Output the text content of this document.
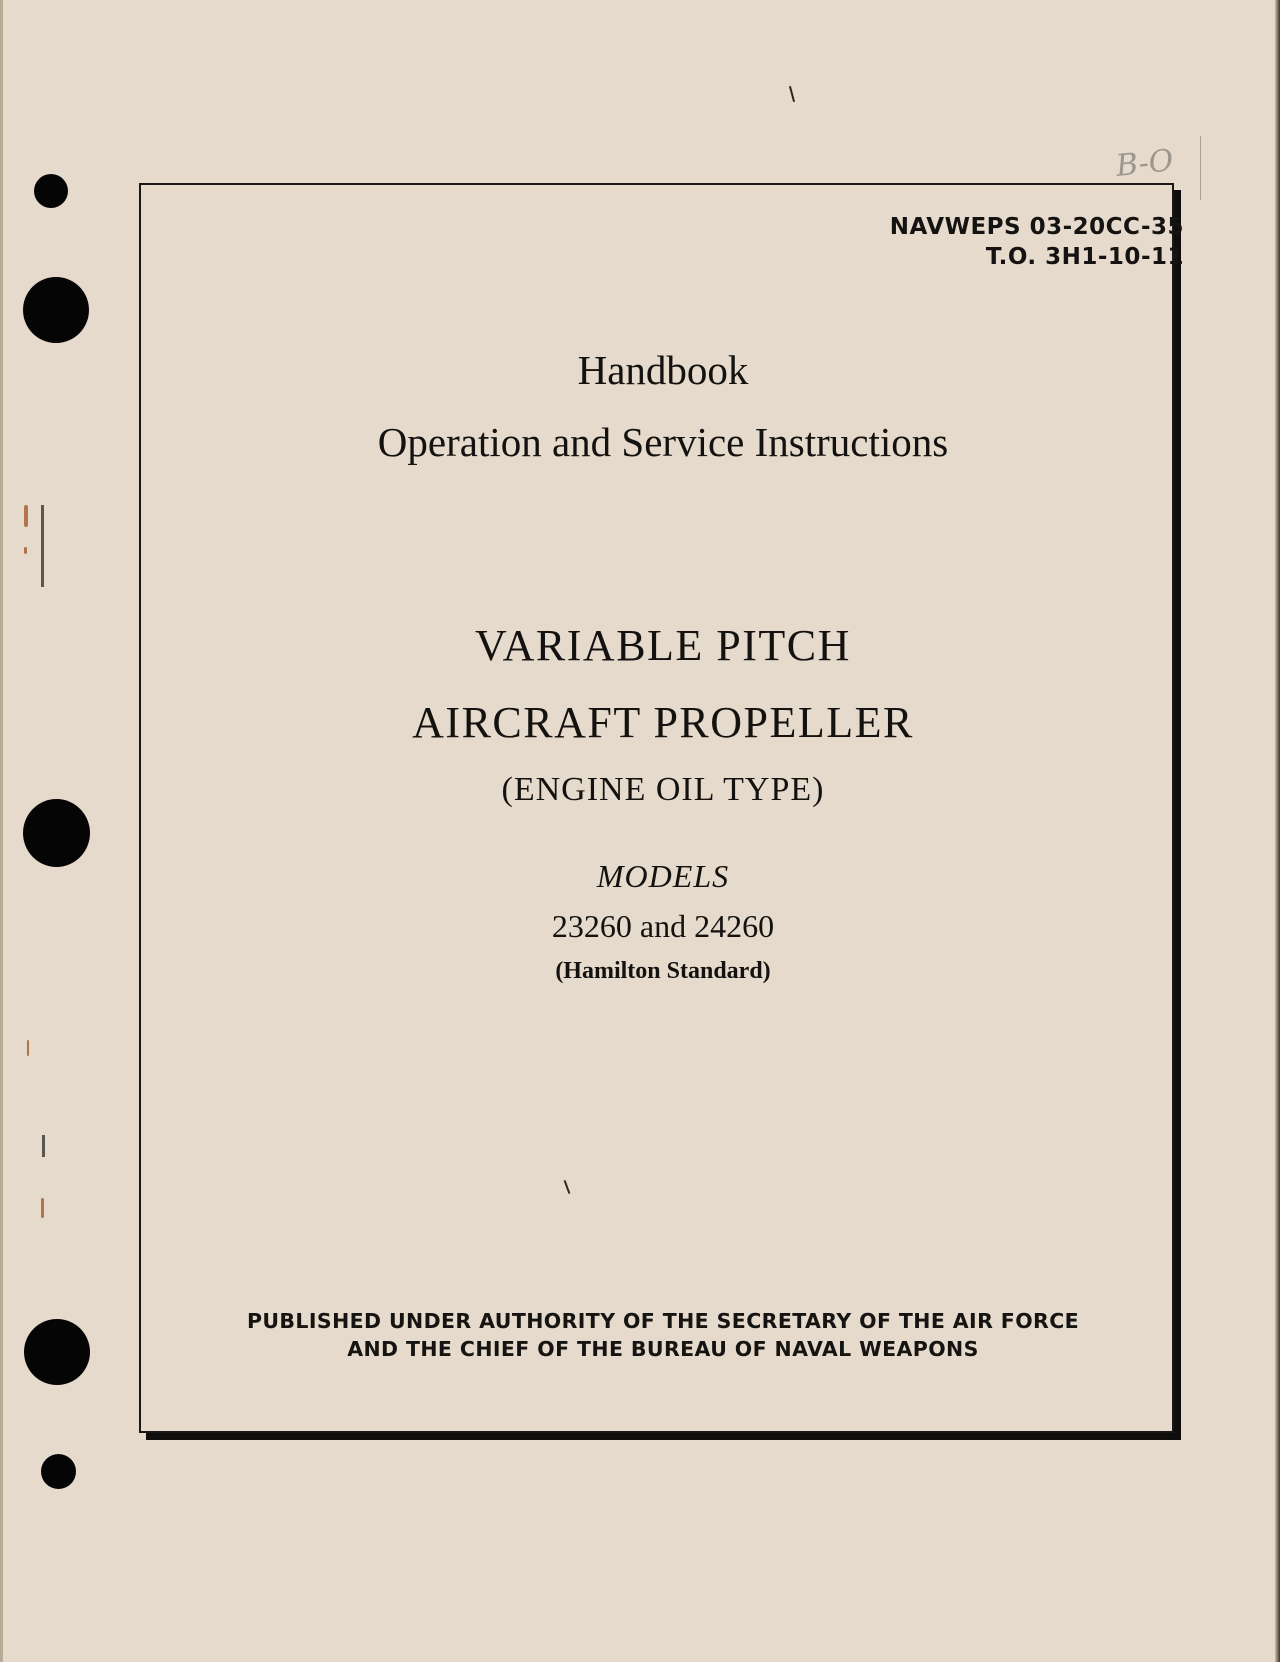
B-O
NAVWEPS 03-20CC-35
T.O. 3H1-10-11
Handbook
Operation and Service Instructions
VARIABLE PITCH
AIRCRAFT PROPELLER
(ENGINE OIL TYPE)
MODELS
23260 and 24260
(Hamilton Standard)
PUBLISHED UNDER AUTHORITY OF THE SECRETARY OF THE AIR FORCE
AND THE CHIEF OF THE BUREAU OF NAVAL WEAPONS
